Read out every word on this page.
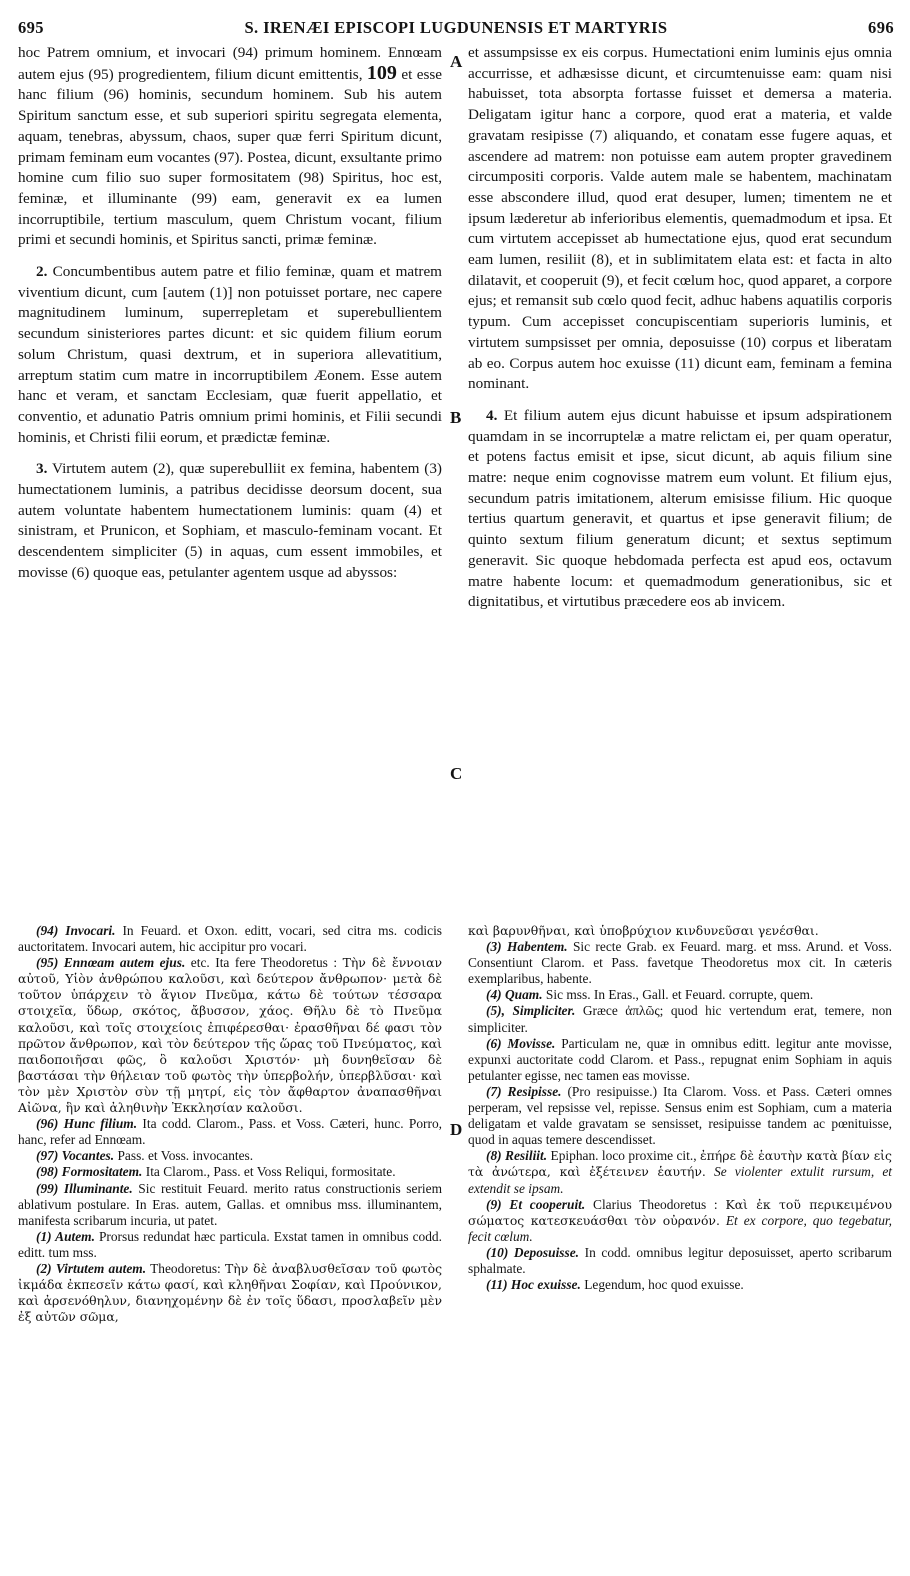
695	S. IRENÆI EPISCOPI LUGDUNENSIS ET MARTYRIS	696
A
B
C
D

hoc Patrem omnium, et invocari (94) primum hominem. Ennœam autem ejus (95) progredientem, filium dicunt emittentis, 109 et esse hanc filium (96) hominis, secundum hominem. Sub his autem Spiritum sanctum esse, et sub superiori spiritu segregata elementa, aquam, tenebras, abyssum, chaos, super quæ ferri Spiritum dicunt, primam feminam eum vocantes (97). Postea, dicunt, exsultante primo homine cum filio suo super formositatem (98) Spiritus, hoc est, feminæ, et illuminante (99) eam, generavit ex ea lumen incorruptibile, tertium masculum, quem Christum vocant, filium primi et secundi hominis, et Spiritus sancti, primæ feminæ.

2. Concumbentibus autem patre et filio feminæ, quam et matrem viventium dicunt, cum [autem (1)] non potuisset portare, nec capere magnitudinem luminum, superrepletam et superebullientem secundum sinisteriores partes dicunt: et sic quidem filium eorum solum Christum, quasi dextrum, et in superiora allevatitium, arreptum statim cum matre in incorruptibilem Æonem. Esse autem hanc et veram, et sanctam Ecclesiam, quæ fuerit appellatio, et conventio, et adunatio Patris omnium primi hominis, et Filii secundi hominis, et Christi filii eorum, et prædictæ feminæ.

3. Virtutem autem (2), quæ superebulliit ex femina, habentem (3) humectationem luminis, a patribus decidisse deorsum docent, sua autem voluntate habentem humectationem luminis: quam (4) et sinistram, et Prunicon, et Sophiam, et masculo-feminam vocant. Et descendentem simpliciter (5) in aquas, cum essent immobiles, et movisse (6) quoque eas, petulanter agentem usque ad abyssos:

et assumpsisse ex eis corpus. Humectationi enim luminis ejus omnia accurrisse, et adhæsisse dicunt, et circumtenuisse eam: quam nisi habuisset, tota absorpta fortasse fuisset et demersa a materia. Deligatam igitur hanc a corpore, quod erat a materia, et valde gravatam resipisse (7) aliquando, et conatam esse fugere aquas, et ascendere ad matrem: non potuisse eam autem propter gravedinem circumpositi corporis. Valde autem male se habentem, machinatam esse abscondere illud, quod erat desuper, lumen; timentem ne et ipsum læderetur ab inferioribus elementis, quemadmodum et ipsa. Et cum virtutem accepisset ab humectatione ejus, quod erat secundum eam lumen, resiliit (8), et in sublimitatem elata est: et facta in alto dilatavit, et cooperuit (9), et fecit cœlum hoc, quod apparet, a corpore ejus; et remansit sub cœlo quod fecit, adhuc habens aquatilis corporis typum. Cum accepisset concupiscentiam superioris luminis, et virtutem sumpsisset per omnia, deposuisse (10) corpus et liberatam ab eo. Corpus autem hoc exuisse (11) dicunt eam, feminam a femina nominant.

4. Et filium autem ejus dicunt habuisse et ipsum adspirationem quamdam in se incorruptelæ a matre relictam ei, per quam operatur, et potens factus emisit et ipse, sicut dicunt, ab aquis filium sine matre: neque enim cognovisse matrem eum volunt. Et filium ejus, secundum patris imitationem, alterum emisisse filium. Hic quoque tertius quartum generavit, et quartus et ipse generavit filium; de quinto sextum filium generatum dicunt; et sextus septimum generavit. Sic quoque hebdomada perfecta est apud eos, octavum matre habente locum: et quemadmodum generationibus, sic et dignitatibus, et virtutibus præcedere eos ab invicem.

(94) Invocari. In Feuard. et Oxon. editt, vocari, sed citra ms. codicis auctoritatem. Invocari autem, hic accipitur pro vocari.
(95) Ennœam autem ejus. etc. Ita fere Theodoretus : Τὴν δὲ ἔννοιαν αὐτοῦ, Υἱὸν ἀνθρώπου καλοῦσι, καὶ δεύτερον ἄνθρωπον· μετὰ δὲ τοῦτον ὑπάρχειν τὸ ἅγιον Πνεῦμα, κάτω δὲ τούτων τέσσαρα στοιχεῖα, ὕδωρ, σκότος, ἄβυσσον, χάος. Θῆλυ δὲ τὸ Πνεῦμα καλοῦσι, καὶ τοῖς στοιχείοις ἐπιφέρεσθαι· ἐρασθῆναι δέ φασι τὸν πρῶτον ἄνθρωπον, καὶ τὸν δεύτερον τῆς ὥρας τοῦ Πνεύματος, καὶ παιδοποιῆσαι φῶς, ὃ καλοῦσι Χριστόν· μὴ δυνηθεῖσαν δὲ βαστάσαι τὴν θήλειαν τοῦ φωτὸς τὴν ὑπερβολήν, ὑπερβλῦσαι· καὶ τὸν μὲν Χριστὸν σὺν τῇ μητρί, εἰς τὸν ἄφθαρτον ἀναπασθῆναι Αἰῶνα, ἣν καὶ ἀληθινὴν Ἐκκλησίαν καλοῦσι.
(96) Hunc filium. Ita codd. Clarom., Pass. et Voss. Cæteri, hunc. Porro, hanc, refer ad Ennœam.
(97) Vocantes. Pass. et Voss. invocantes.
(98) Formositatem. Ita Clarom., Pass. et Voss Reliqui, formositate.
(99) Illuminante. Sic restituit Feuard. merito ratus constructionis seriem ablativum postulare. In Eras. autem, Gallas. et omnibus mss. illuminantem, manifesta scribarum incuria, ut patet.
(1) Autem. Prorsus redundat hæc particula. Exstat tamen in omnibus codd. editt. tum mss.
(2) Virtutem autem. Theodoretus: Τὴν δὲ ἀναβλυσθεῖσαν τοῦ φωτὸς ἰκμάδα ἐκπεσεῖν κάτω φασί, καὶ κληθῆναι Σοφίαν, καὶ Προύνικον, καὶ ἀρσενόθηλυν, διανηχομένην δὲ ἐν τοῖς ὕδασι, προσλαβεῖν μὲν ἐξ αὐτῶν σῶμα,
καὶ βαρυνθῆναι, καὶ ὑποβρύχιον κινδυνεῦσαι γενέσθαι.
(3) Habentem. Sic recte Grab. ex Feuard. marg. et mss. Arund. et Voss. Consentiunt Clarom. et Pass. favetque Theodoretus mox cit. In cæteris exemplaribus, habente.
(4) Quam. Sic mss. In Eras., Gall. et Feuard. corrupte, quem.
(5), Simpliciter. Græce ἀπλῶς; quod hic vertendum erat, temere, non simpliciter.
(6) Movisse. Particulam ne, quæ in omnibus editt. legitur ante movisse, expunxi auctoritate codd Clarom. et Pass., repugnat enim Sophiam in aquis petulanter egisse, nec tamen eas movisse.
(7) Resipisse. (Pro resipuisse.) Ita Clarom. Voss. et Pass. Cæteri omnes perperam, vel repsisse vel, repisse. Sensus enim est Sophiam, cum a materia deligatam et valde gravatam se sensisset, resipuisse tandem ac pœnituisse, quod in aquas temere descendisset.
(8) Resiliit. Epiphan. loco proxime cit., ἐπήρε δὲ ἑαυτὴν κατὰ βίαν εἰς τὰ ἀνώτερα, καὶ ἐξέτεινεν ἑαυτήν. Se violenter extulit rursum, et extendit se ipsam.
(9) Et cooperuit. Clarius Theodoretus : Καὶ ἐκ τοῦ περικειμένου σώματος κατεσκευάσθαι τὸν οὐρανόν. Et ex corpore, quo tegebatur, fecit cœlum.
(10) Deposuisse. In codd. omnibus legitur deposuisset, aperto scribarum sphalmate.
(11) Hoc exuisse. Legendum, hoc quod exuisse.
